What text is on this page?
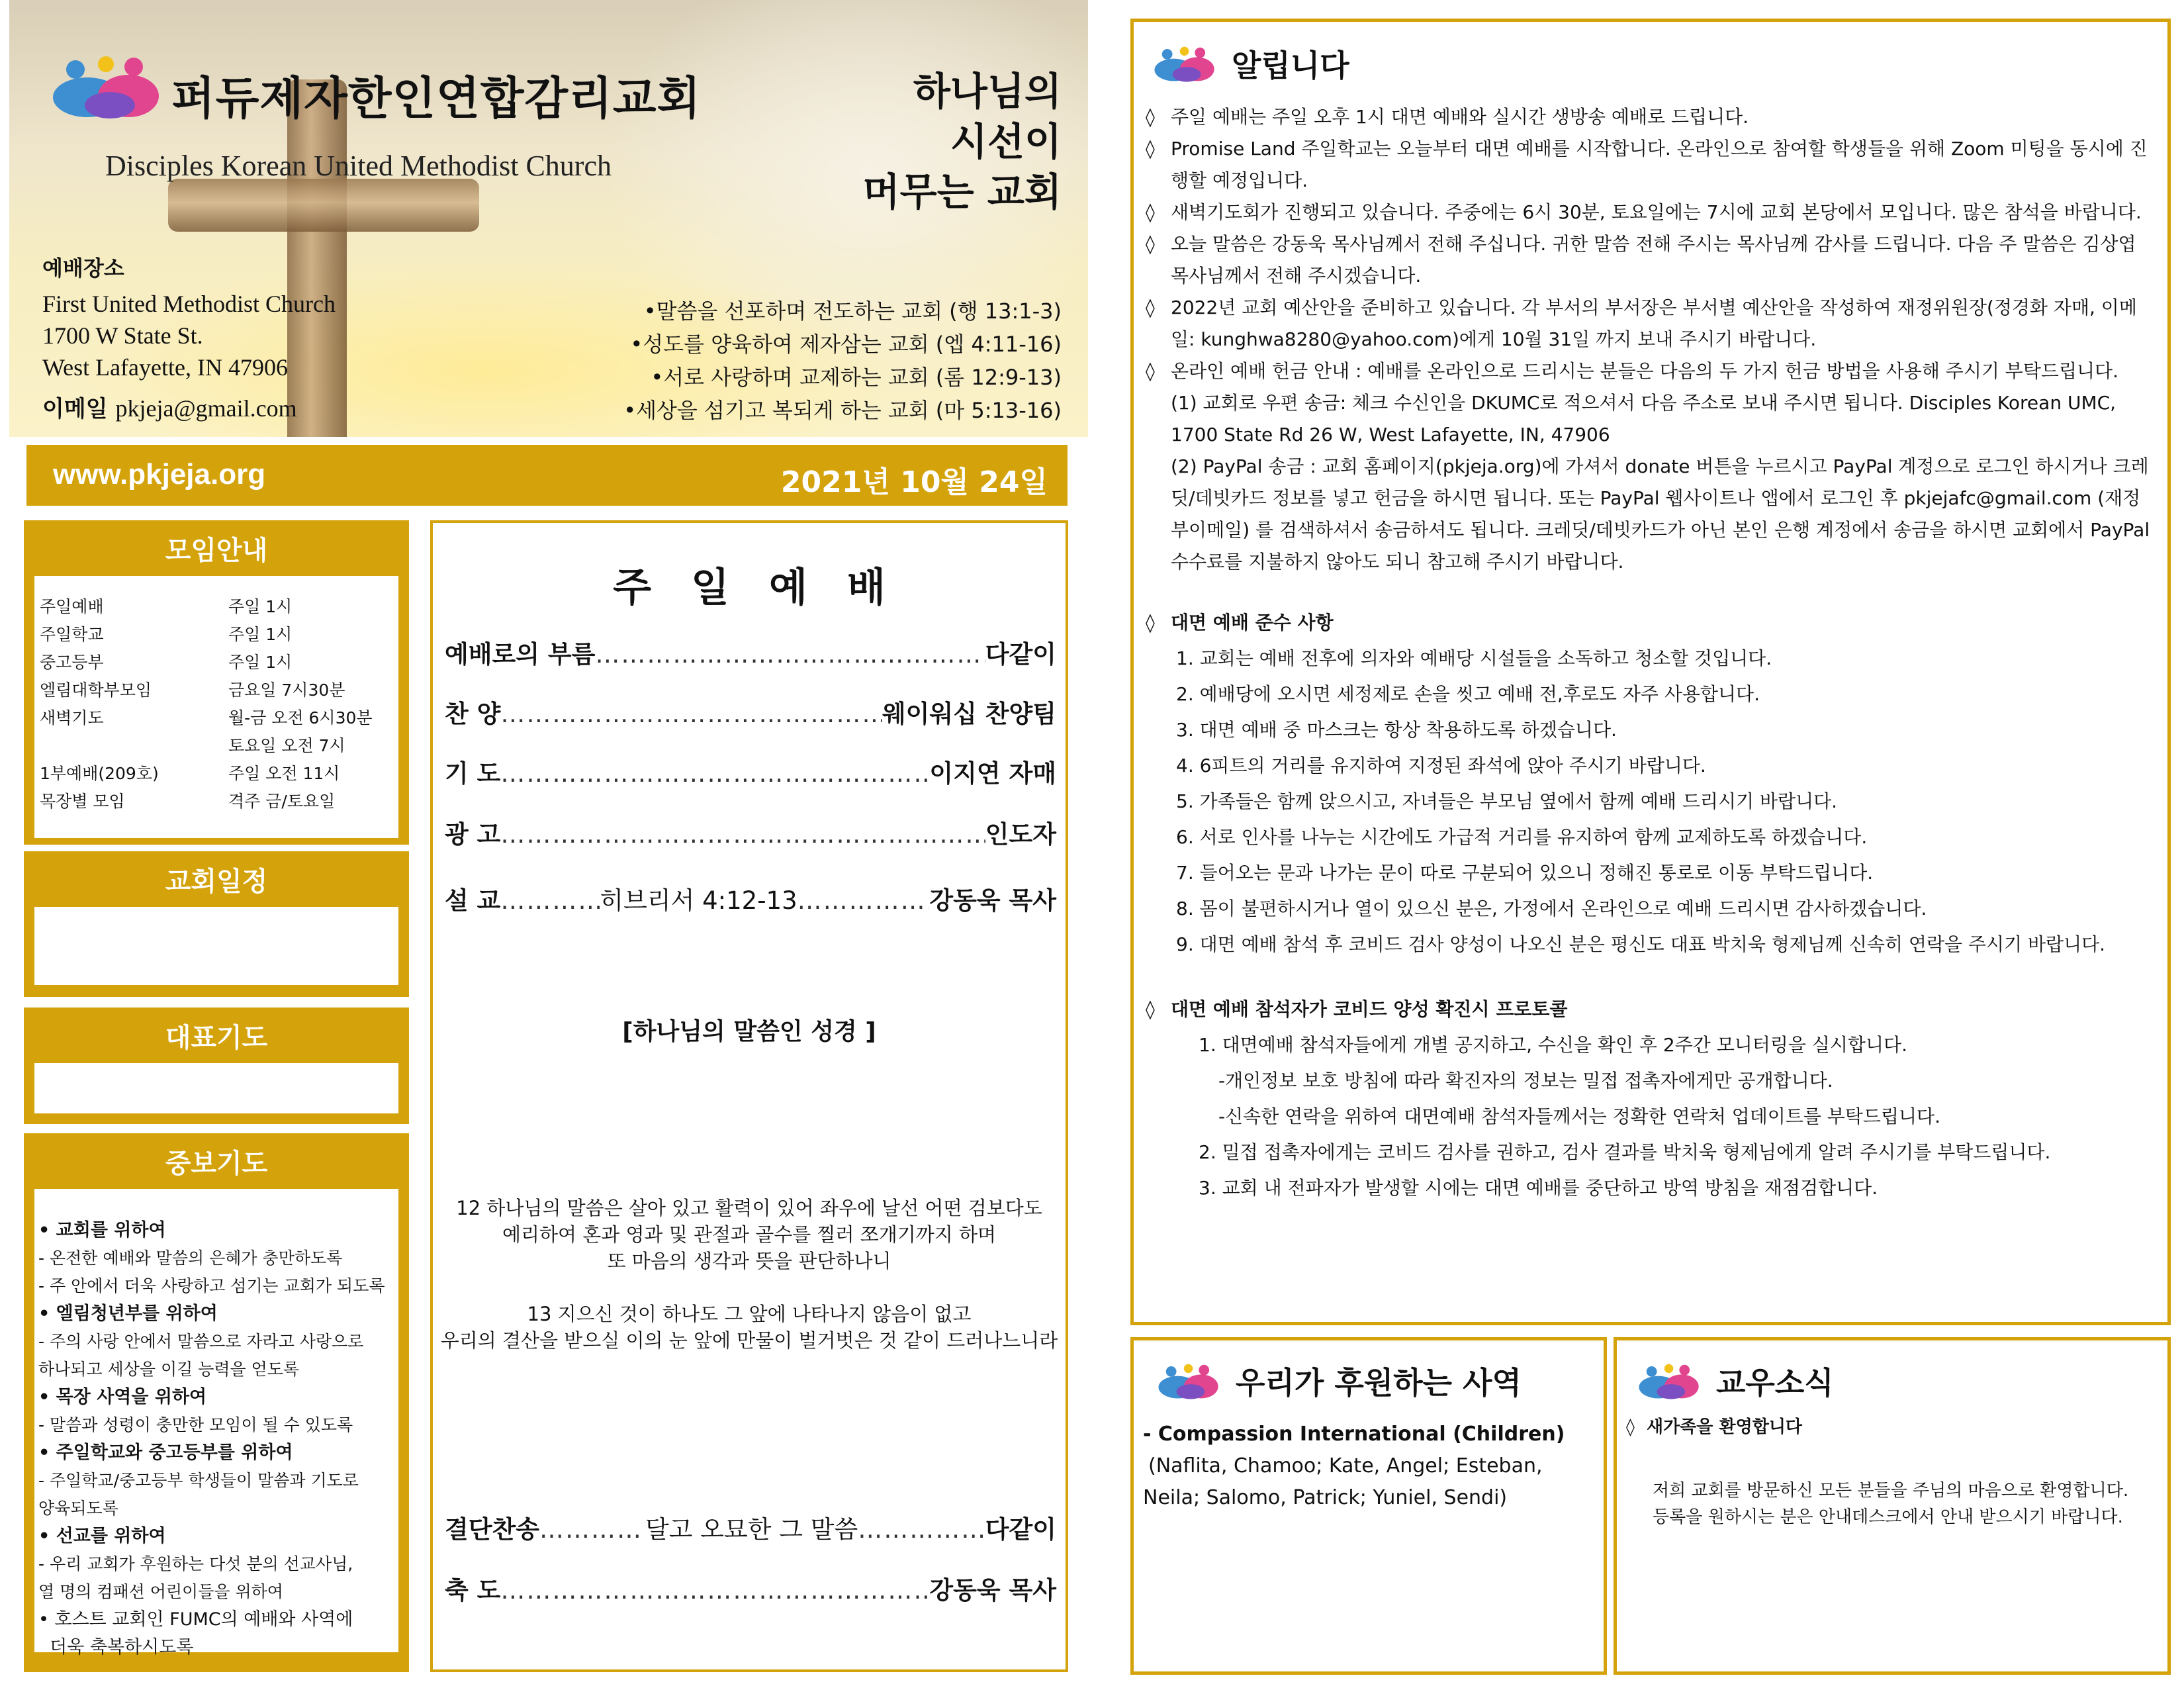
퍼듀제자한인연합감리교회
Disciples Korean United Methodist Church
하나님의
시선이
머무는 교회
예배장소
First United Methodist Church
1700 W State St.
West Lafayette, IN 47906
이메일 pkjeja@gmail.com
•말씀을 선포하며 전도하는 교회 (행 13:1-3)
•성도를 양육하여 제자삼는 교회 (엡 4:11-16)
•서로 사랑하며 교제하는 교회 (롬 12:9-13)
•세상을 섬기고 복되게 하는 교회 (마 5:13-16)
www.pkjeja.org	2021년 10월 24일
모임안내
주일예배	주일 1시
주일학교	주일 1시
중고등부	주일 1시
엘림대학부모임	금요일 7시30분
새벽기도	월-금 오전 6시30분
토요일 오전 7시
1부예배(209호)	주일 오전 11시
목장별 모임	격주 금/토요일
교회일정
대표기도
중보기도
• 교회를 위하여
- 온전한 예배와 말씀의 은혜가 충만하도록
- 주 안에서 더욱 사랑하고 섬기는 교회가 되도록
• 엘림청년부를 위하여
- 주의 사랑 안에서 말씀으로 자라고 사랑으로
하나되고 세상을 이길 능력을 얻도록
• 목장 사역을 위하여
- 말씀과 성령이 충만한 모임이 될 수 있도록
• 주일학교와 중고등부를 위하여
- 주일학교/중고등부 학생들이 말씀과 기도로
양육되도록
• 선교를 위하여
- 우리 교회가 후원하는 다섯 분의 선교사님,
열 명의 컴패션 어린이들을 위하여
• 호스트 교회인 FUMC의 예배와 사역에
더욱 축복하시도록
주일예배
예배로의 부름 ………………………………………………………………………………………	다같이
찬 양 ………………………………………………………………………………………	웨이워십 찬양팀
기 도 ………………………………………………………………………………………	이지연 자매
광 고 ………………………………………………………………………………………	인도자
설 교 ………………………………………………………………………………………	히브리서 4:12-13 ………………………………………………………………………………………	강동욱 목사
[하나님의 말씀인 성경 ]
12 하나님의 말씀은 살아 있고 활력이 있어 좌우에 날선 어떤 검보다도
예리하여 혼과 영과 및 관절과 골수를 찔러 쪼개기까지 하며
또 마음의 생각과 뜻을 판단하나니
13 지으신 것이 하나도 그 앞에 나타나지 않음이 없고
우리의 결산을 받으실 이의 눈 앞에 만물이 벌거벗은 것 같이 드러나느니라
결단찬송 ………………………………………………………………………………………	달고 오묘한 그 말씀 ………………………………………………………………………………………	다같이
축 도 ………………………………………………………………………………………	강동욱 목사
알립니다
◊ 주일 예배는 주일 오후 1시 대면 예배와 실시간 생방송 예배로 드립니다.
◊ Promise Land 주일학교는 오늘부터 대면 예배를 시작합니다. 온라인으로 참여할 학생들을 위해 Zoom 미팅을 동시에 진행할 예정입니다.
◊ 새벽기도회가 진행되고 있습니다. 주중에는 6시 30분, 토요일에는 7시에 교회 본당에서 모입니다. 많은 참석을 바랍니다.
◊ 오늘 말씀은 강동욱 목사님께서 전해 주십니다. 귀한 말씀 전해 주시는 목사님께 감사를 드립니다. 다음 주 말씀은 김상엽 목사님께서 전해 주시겠습니다.
◊ 2022년 교회 예산안을 준비하고 있습니다. 각 부서의 부서장은 부서별 예산안을 작성하여 재정위원장(정경화 자매, 이메일: kunghwa8280@yahoo.com)에게 10월 31일 까지 보내 주시기 바랍니다.
◊ 온라인 예배 헌금 안내 : 예배를 온라인으로 드리시는 분들은 다음의 두 가지 헌금 방법을 사용해 주시기 부탁드립니다.
(1) 교회로 우편 송금: 체크 수신인을 DKUMC로 적으셔서 다음 주소로 보내 주시면 됩니다. Disciples Korean UMC, 1700 State Rd 26 W, West Lafayette, IN, 47906
(2) PayPal 송금 : 교회 홈페이지(pkjeja.org)에 가셔서 donate 버튼을 누르시고 PayPal 계정으로 로그인 하시거나 크레딧/데빗카드 정보를 넣고 헌금을 하시면 됩니다. 또는 PayPal 웹사이트나 앱에서 로그인 후 pkjejafc@gmail.com (재정부이메일) 를 검색하셔서 송금하셔도 됩니다. 크레딧/데빗카드가 아닌 본인 은행 계정에서 송금을 하시면 교회에서 PayPal 수수료를 지불하지 않아도 되니 참고해 주시기 바랍니다.
◊ 대면 예배 준수 사항
1. 교회는 예배 전후에 의자와 예배당 시설들을 소독하고 청소할 것입니다.
2. 예배당에 오시면 세정제로 손을 씻고 예배 전,후로도 자주 사용합니다.
3. 대면 예배 중 마스크는 항상 착용하도록 하겠습니다.
4. 6피트의 거리를 유지하여 지정된 좌석에 앉아 주시기 바랍니다.
5. 가족들은 함께 앉으시고, 자녀들은 부모님 옆에서 함께 예배 드리시기 바랍니다.
6. 서로 인사를 나누는 시간에도 가급적 거리를 유지하여 함께 교제하도록 하겠습니다.
7. 들어오는 문과 나가는 문이 따로 구분되어 있으니 정해진 통로로 이동 부탁드립니다.
8. 몸이 불편하시거나 열이 있으신 분은, 가정에서 온라인으로 예배 드리시면 감사하겠습니다.
9. 대면 예배 참석 후 코비드 검사 양성이 나오신 분은 평신도 대표 박치욱 형제님께 신속히 연락을 주시기 바랍니다.
◊ 대면 예배 참석자가 코비드 양성 확진시 프로토콜
1. 대면예배 참석자들에게 개별 공지하고, 수신을 확인 후 2주간 모니터링을 실시합니다.
-개인정보 보호 방침에 따라 확진자의 정보는 밀접 접촉자에게만 공개합니다.
-신속한 연락을 위하여 대면예배 참석자들께서는 정확한 연락처 업데이트를 부탁드립니다.
2. 밀접 접촉자에게는 코비드 검사를 권하고, 검사 결과를 박치욱 형제님에게 알려 주시기를 부탁드립니다.
3. 교회 내 전파자가 발생할 시에는 대면 예배를 중단하고 방역 방침을 재점검합니다.
우리가 후원하는 사역
- Compassion International (Children)
(Naflita, Chamoo; Kate, Angel; Esteban,
Neila; Salomo, Patrick; Yuniel, Sendi)
교우소식
◊  새가족을 환영합니다
저희 교회를 방문하신 모든 분들을 주님의 마음으로 환영합니다.
등록을 원하시는 분은 안내데스크에서 안내 받으시기 바랍니다.
